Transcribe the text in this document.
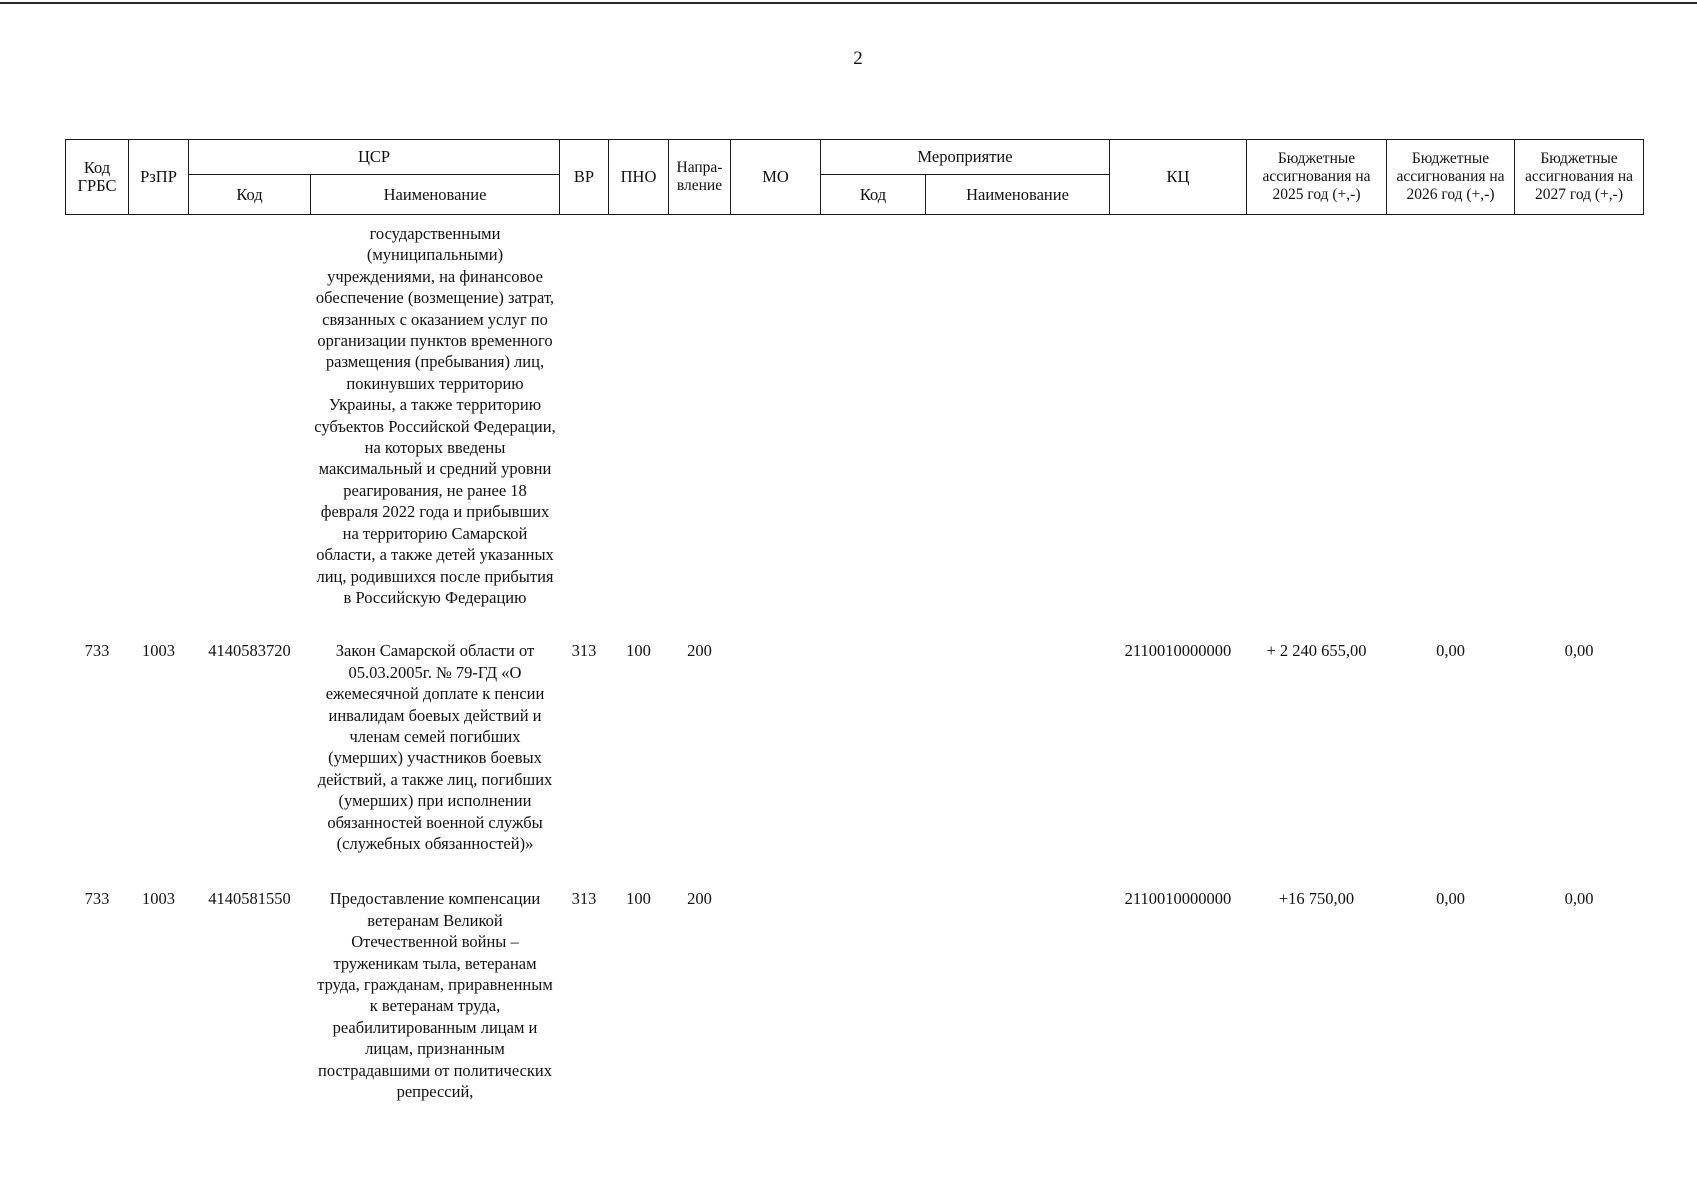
2
Код ГРБС	РзПР	ЦСР		ВР	ПНО	Напра-вление	МО	Мероприятие		КЦ	Бюджетные ассигнования на 2025 год (+,-)	Бюджетные ассигнования на 2026 год (+,-)	Бюджетные ассигнования на 2027 год (+,-)
		Код	Наименование					Код	Наименование				
			государственными (муниципальными) учреждениями, на финансовое обеспечение (возмещение) затрат, связанных с оказанием услуг по организации пунктов временного размещения (пребывания) лиц, покинувших территорию Украины, а также территорию субъектов Российской Федерации, на которых введены максимальный и средний уровни реагирования, не ранее 18 февраля 2022 года и прибывших на территорию Самарской области, а также детей указанных лиц, родившихся после прибытия в Российскую Федерацию										
733	1003	4140583720	Закон Самарской области от 05.03.2005г. № 79-ГД «О ежемесячной доплате к пенсии инвалидам боевых действий и членам семей погибших (умерших) участников боевых действий, а также лиц, погибших (умерших) при исполнении обязанностей военной службы (служебных обязанностей)»	313	100	200				2110010000000	+ 2 240 655,00	0,00	0,00
733	1003	4140581550	Предоставление компенсации ветеранам Великой Отечественной войны – труженикам тыла, ветеранам труда, гражданам, приравненным к ветеранам труда, реабилитированным лицам и лицам, признанным пострадавшими от политических репрессий,	313	100	200				2110010000000	+16 750,00	0,00	0,00
